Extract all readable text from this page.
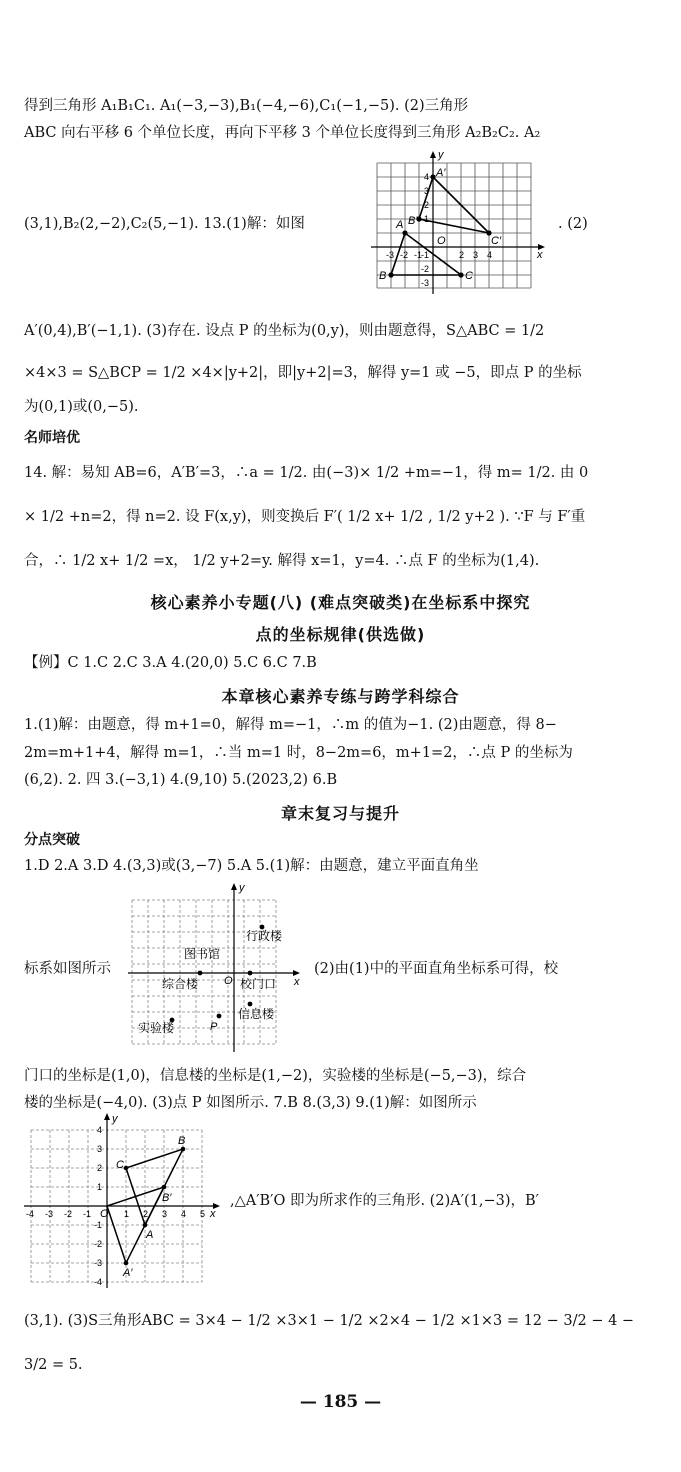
得到三角形 A₁B₁C₁. A₁(−3,−3),B₁(−4,−6),C₁(−1,−5). (2)三角形
ABC 向右平移 6 个单位长度，再向下平移 3 个单位长度得到三角形 A₂B₂C₂. A₂
A B′
A′
B	C
C′
O
x
y
4
3
2
1
-1
-2
-3
-3 -2 -1	2 3 4
(3,1),B₂(2,−2),C₂(5,−1). 13.(1)解：如图	. (2)
A′(0,4),B′(−1,1). (3)存在. 设点 P 的坐标为(0,y)，则由题意得，S△ABC = 1/2
×4×3 = S△BCP = 1/2 ×4×|y+2|，即|y+2|=3，解得 y=1 或 −5，即点 P 的坐标
为(0,1)或(0,−5).
名师培优
14. 解：易知 AB=6，A′B′=3，∴a = 1/2. 由(−3)× 1/2 +m=−1，得 m= 1/2. 由 0
× 1/2 +n=2，得 n=2. 设 F(x,y)，则变换后 F′( 1/2 x+ 1/2 , 1/2 y+2 ). ∵F 与 F′重
合，∴ 1/2 x+ 1/2 =x， 1/2 y+2=y. 解得 x=1，y=4. ∴点 F 的坐标为(1,4).
核心素养小专题(八) (难点突破类)在坐标系中探究
点的坐标规律(供选做)
【例】C 1.C 2.C 3.A 4.(20,0) 5.C 6.C 7.B
本章核心素养专练与跨学科综合
1.(1)解：由题意，得 m+1=0，解得 m=−1，∴m 的值为−1. (2)由题意，得 8−
2m=m+1+4，解得 m=1，∴当 m=1 时，8−2m=6，m+1=2，∴点 P 的坐标为
(6,2). 2. 四 3.(−3,1) 4.(9,10) 5.(2023,2) 6.B
章末复习与提升
分点突破
1.D 2.A 3.D 4.(3,3)或(3,−7) 5.A 5.(1)解：由题意，建立平面直角坐
图书馆
行政楼
综合楼	校门口
实验楼
信息楼
P
O	x
y
标系如图所示	(2)由(1)中的平面直角坐标系可得，校
门口的坐标是(1,0)，信息楼的坐标是(1,−2)，实验楼的坐标是(−5,−3)，综合
楼的坐标是(−4,0). (3)点 P 如图所示. 7.B 8.(3,3) 9.(1)解：如图所示
A
B
C
B′
A′
O	x
y
4
3
2
1
-1
-2
-3
-4
-4 -3 -2 -1	1 2 3 4 5
,△A′B′O 即为所求作的三角形. (2)A′(1,−3)，B′
(3,1). (3)S三角形ABC = 3×4 − 1/2 ×3×1 − 1/2 ×2×4 − 1/2 ×1×3 = 12 − 3/2 − 4 −
3/2 = 5.
— 185 —
